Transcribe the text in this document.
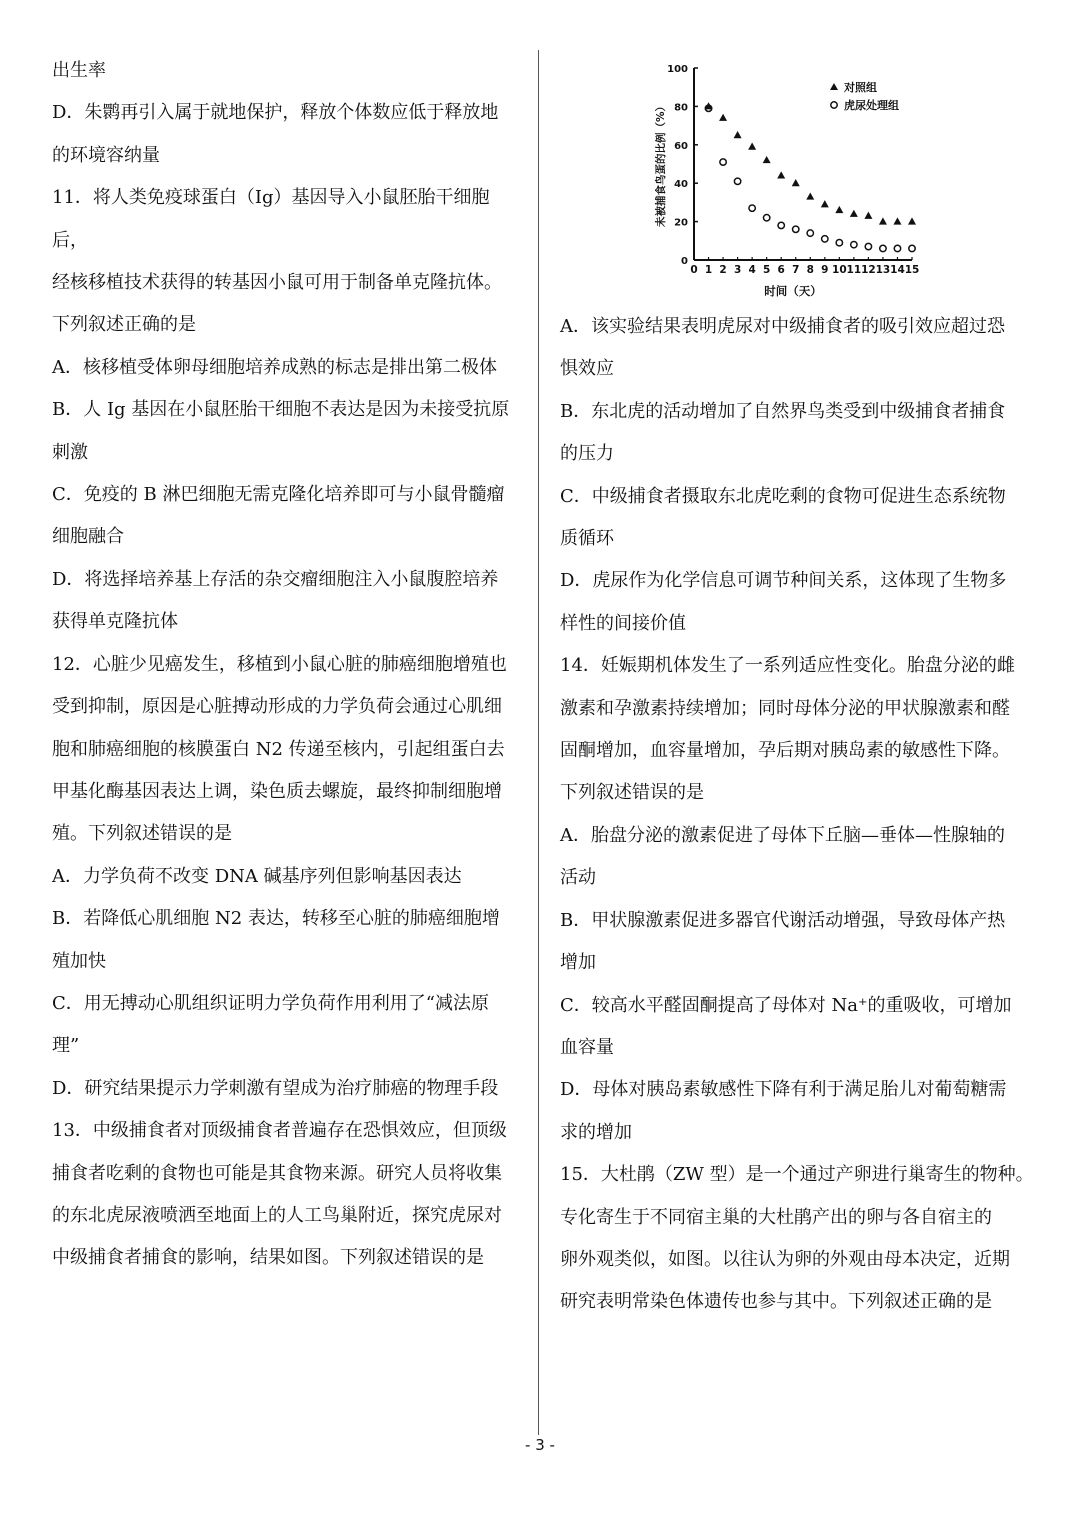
出生率

D．朱鹮再引入属于就地保护，释放个体数应低于释放地

的环境容纳量

11．将人类免疫球蛋白（Ig）基因导入小鼠胚胎干细胞后，

经核移植技术获得的转基因小鼠可用于制备单克隆抗体。

下列叙述正确的是

A．核移植受体卵母细胞培养成熟的标志是排出第二极体

B．人 Ig 基因在小鼠胚胎干细胞不表达是因为未接受抗原

刺激

C．免疫的 B 淋巴细胞无需克隆化培养即可与小鼠骨髓瘤

细胞融合

D．将选择培养基上存活的杂交瘤细胞注入小鼠腹腔培养

获得单克隆抗体

12．心脏少见癌发生，移植到小鼠心脏的肺癌细胞增殖也

受到抑制，原因是心脏搏动形成的力学负荷会通过心肌细

胞和肺癌细胞的核膜蛋白 N2 传递至核内，引起组蛋白去

甲基化酶基因表达上调，染色质去螺旋，最终抑制细胞增

殖。下列叙述错误的是

A．力学负荷不改变 DNA 碱基序列但影响基因表达

B．若降低心肌细胞 N2 表达，转移至心脏的肺癌细胞增

殖加快

C．用无搏动心肌组织证明力学负荷作用利用了“减法原

理”

D．研究结果提示力学刺激有望成为治疗肺癌的物理手段

13．中级捕食者对顶级捕食者普遍存在恐惧效应，但顶级

捕食者吃剩的食物也可能是其食物来源。研究人员将收集

的东北虎尿液喷洒至地面上的人工鸟巢附近，探究虎尿对

中级捕食者捕食的影响，结果如图。下列叙述错误的是

0
20
40
60
80
100
0 1 2 3 4 5 6 7 8 9 10 11 12 13 14 15
时间（天）
未被捕食鸟蛋的比例（%）
对照组
虎尿处理组

A．该实验结果表明虎尿对中级捕食者的吸引效应超过恐

惧效应

B．东北虎的活动增加了自然界鸟类受到中级捕食者捕食

的压力

C．中级捕食者摄取东北虎吃剩的食物可促进生态系统物

质循环

D．虎尿作为化学信息可调节种间关系，这体现了生物多

样性的间接价值

14．妊娠期机体发生了一系列适应性变化。胎盘分泌的雌

激素和孕激素持续增加；同时母体分泌的甲状腺激素和醛

固酮增加，血容量增加，孕后期对胰岛素的敏感性下降。

下列叙述错误的是

A．胎盘分泌的激素促进了母体下丘脑—垂体—性腺轴的

活动

B．甲状腺激素促进多器官代谢活动增强，导致母体产热

增加

C．较高水平醛固酮提高了母体对 Na⁺的重吸收，可增加

血容量

D．母体对胰岛素敏感性下降有利于满足胎儿对葡萄糖需

求的增加

15．大杜鹃（ZW 型）是一个通过产卵进行巢寄生的物种。

专化寄生于不同宿主巢的大杜鹃产出的卵与各自宿主的

卵外观类似，如图。以往认为卵的外观由母本决定，近期

研究表明常染色体遗传也参与其中。下列叙述正确的是

- 3 -
